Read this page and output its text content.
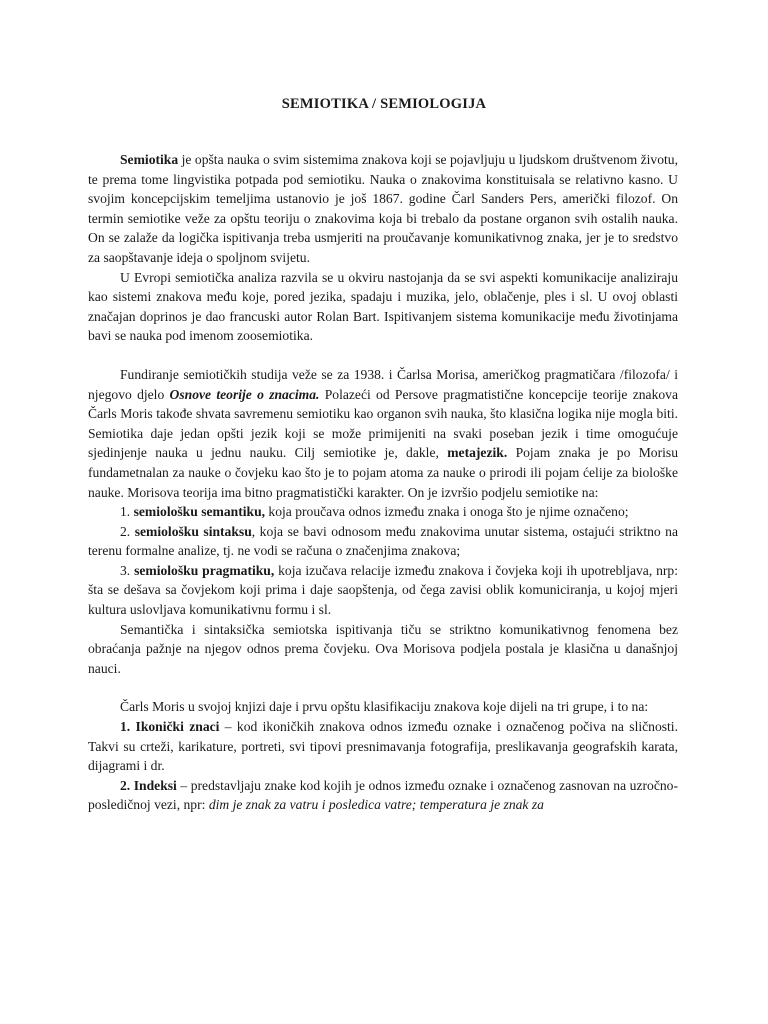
SEMIOTIKA / SEMIOLOGIJA

Semiotika je opšta nauka o svim sistemima znakova koji se pojavljuju u ljudskom društvenom životu, te prema tome lingvistika potpada pod semiotiku. Nauka o znakovima konstituisala se relativno kasno. U svojim koncepcijskim temeljima ustanovio je još 1867. godine Čarl Sanders Pers, američki filozof. On termin semiotike veže za opštu teoriju o znakovima koja bi trebalo da postane organon svih ostalih nauka. On se zalaže da logička ispitivanja treba usmjeriti na proučavanje komunikativnog znaka, jer je to sredstvo za saopštavanje ideja o spoljnom svijetu.

U Evropi semiotička analiza razvila se u okviru nastojanja da se svi aspekti komunikacije analiziraju kao sistemi znakova među koje, pored jezika, spadaju i muzika, jelo, oblačenje, ples i sl. U ovoj oblasti značajan doprinos je dao francuski autor Rolan Bart. Ispitivanjem sistema komunikacije među životinjama bavi se nauka pod imenom zoosemiotika.

Fundiranje semiotičkih studija veže se za 1938. i Čarlsa Morisa, američkog pragmatičara /filozofa/ i njegovo djelo Osnove teorije o znacima. Polazeći od Persove pragmatistične koncepcije teorije znakova Čarls Moris takođe shvata savremenu semiotiku kao organon svih nauka, što klasična logika nije mogla biti. Semiotika daje jedan opšti jezik koji se može primijeniti na svaki poseban jezik i time omogućuje sjedinjenje nauka u jednu nauku. Cilj semiotike je, dakle, metajezik. Pojam znaka je po Morisu fundametnalan za nauke o čovjeku kao što je to pojam atoma za nauke o prirodi ili pojam ćelije za biološke nauke. Morisova teorija ima bitno pragmatistički karakter. On je izvršio podjelu semiotike na:

1. semiološku semantiku, koja proučava odnos između znaka i onoga što je njime označeno;

2. semiološku sintaksu, koja se bavi odnosom među znakovima unutar sistema, ostajući striktno na terenu formalne analize, tj. ne vodi se računa o značenjima znakova;

3. semiološku pragmatiku, koja izučava relacije između znakova i čovjeka koji ih upotrebljava, nrp: šta se dešava sa čovjekom koji prima i daje saopštenja, od čega zavisi oblik komuniciranja, u kojoj mjeri kultura uslovljava komunikativnu formu i sl.

Semantička i sintaksička semiotska ispitivanja tiču se striktno komunikativnog fenomena bez obraćanja pažnje na njegov odnos prema čovjeku. Ova Morisova podjela postala je klasična u današnjoj nauci.

Čarls Moris u svojoj knjizi daje i prvu opštu klasifikaciju znakova koje dijeli na tri grupe, i to na:

1. Ikonički znaci – kod ikoničkih znakova odnos između oznake i označenog počiva na sličnosti. Takvi su crteži, karikature, portreti, svi tipovi presnimavanja fotografija, preslikavanja geografskih karata, dijagrami i dr.

2. Indeksi – predstavljaju znake kod kojih je odnos između oznake i označenog zasnovan na uzročno-posledičnoj vezi, npr: dim je znak za vatru i posledica vatre; temperatura je znak za
